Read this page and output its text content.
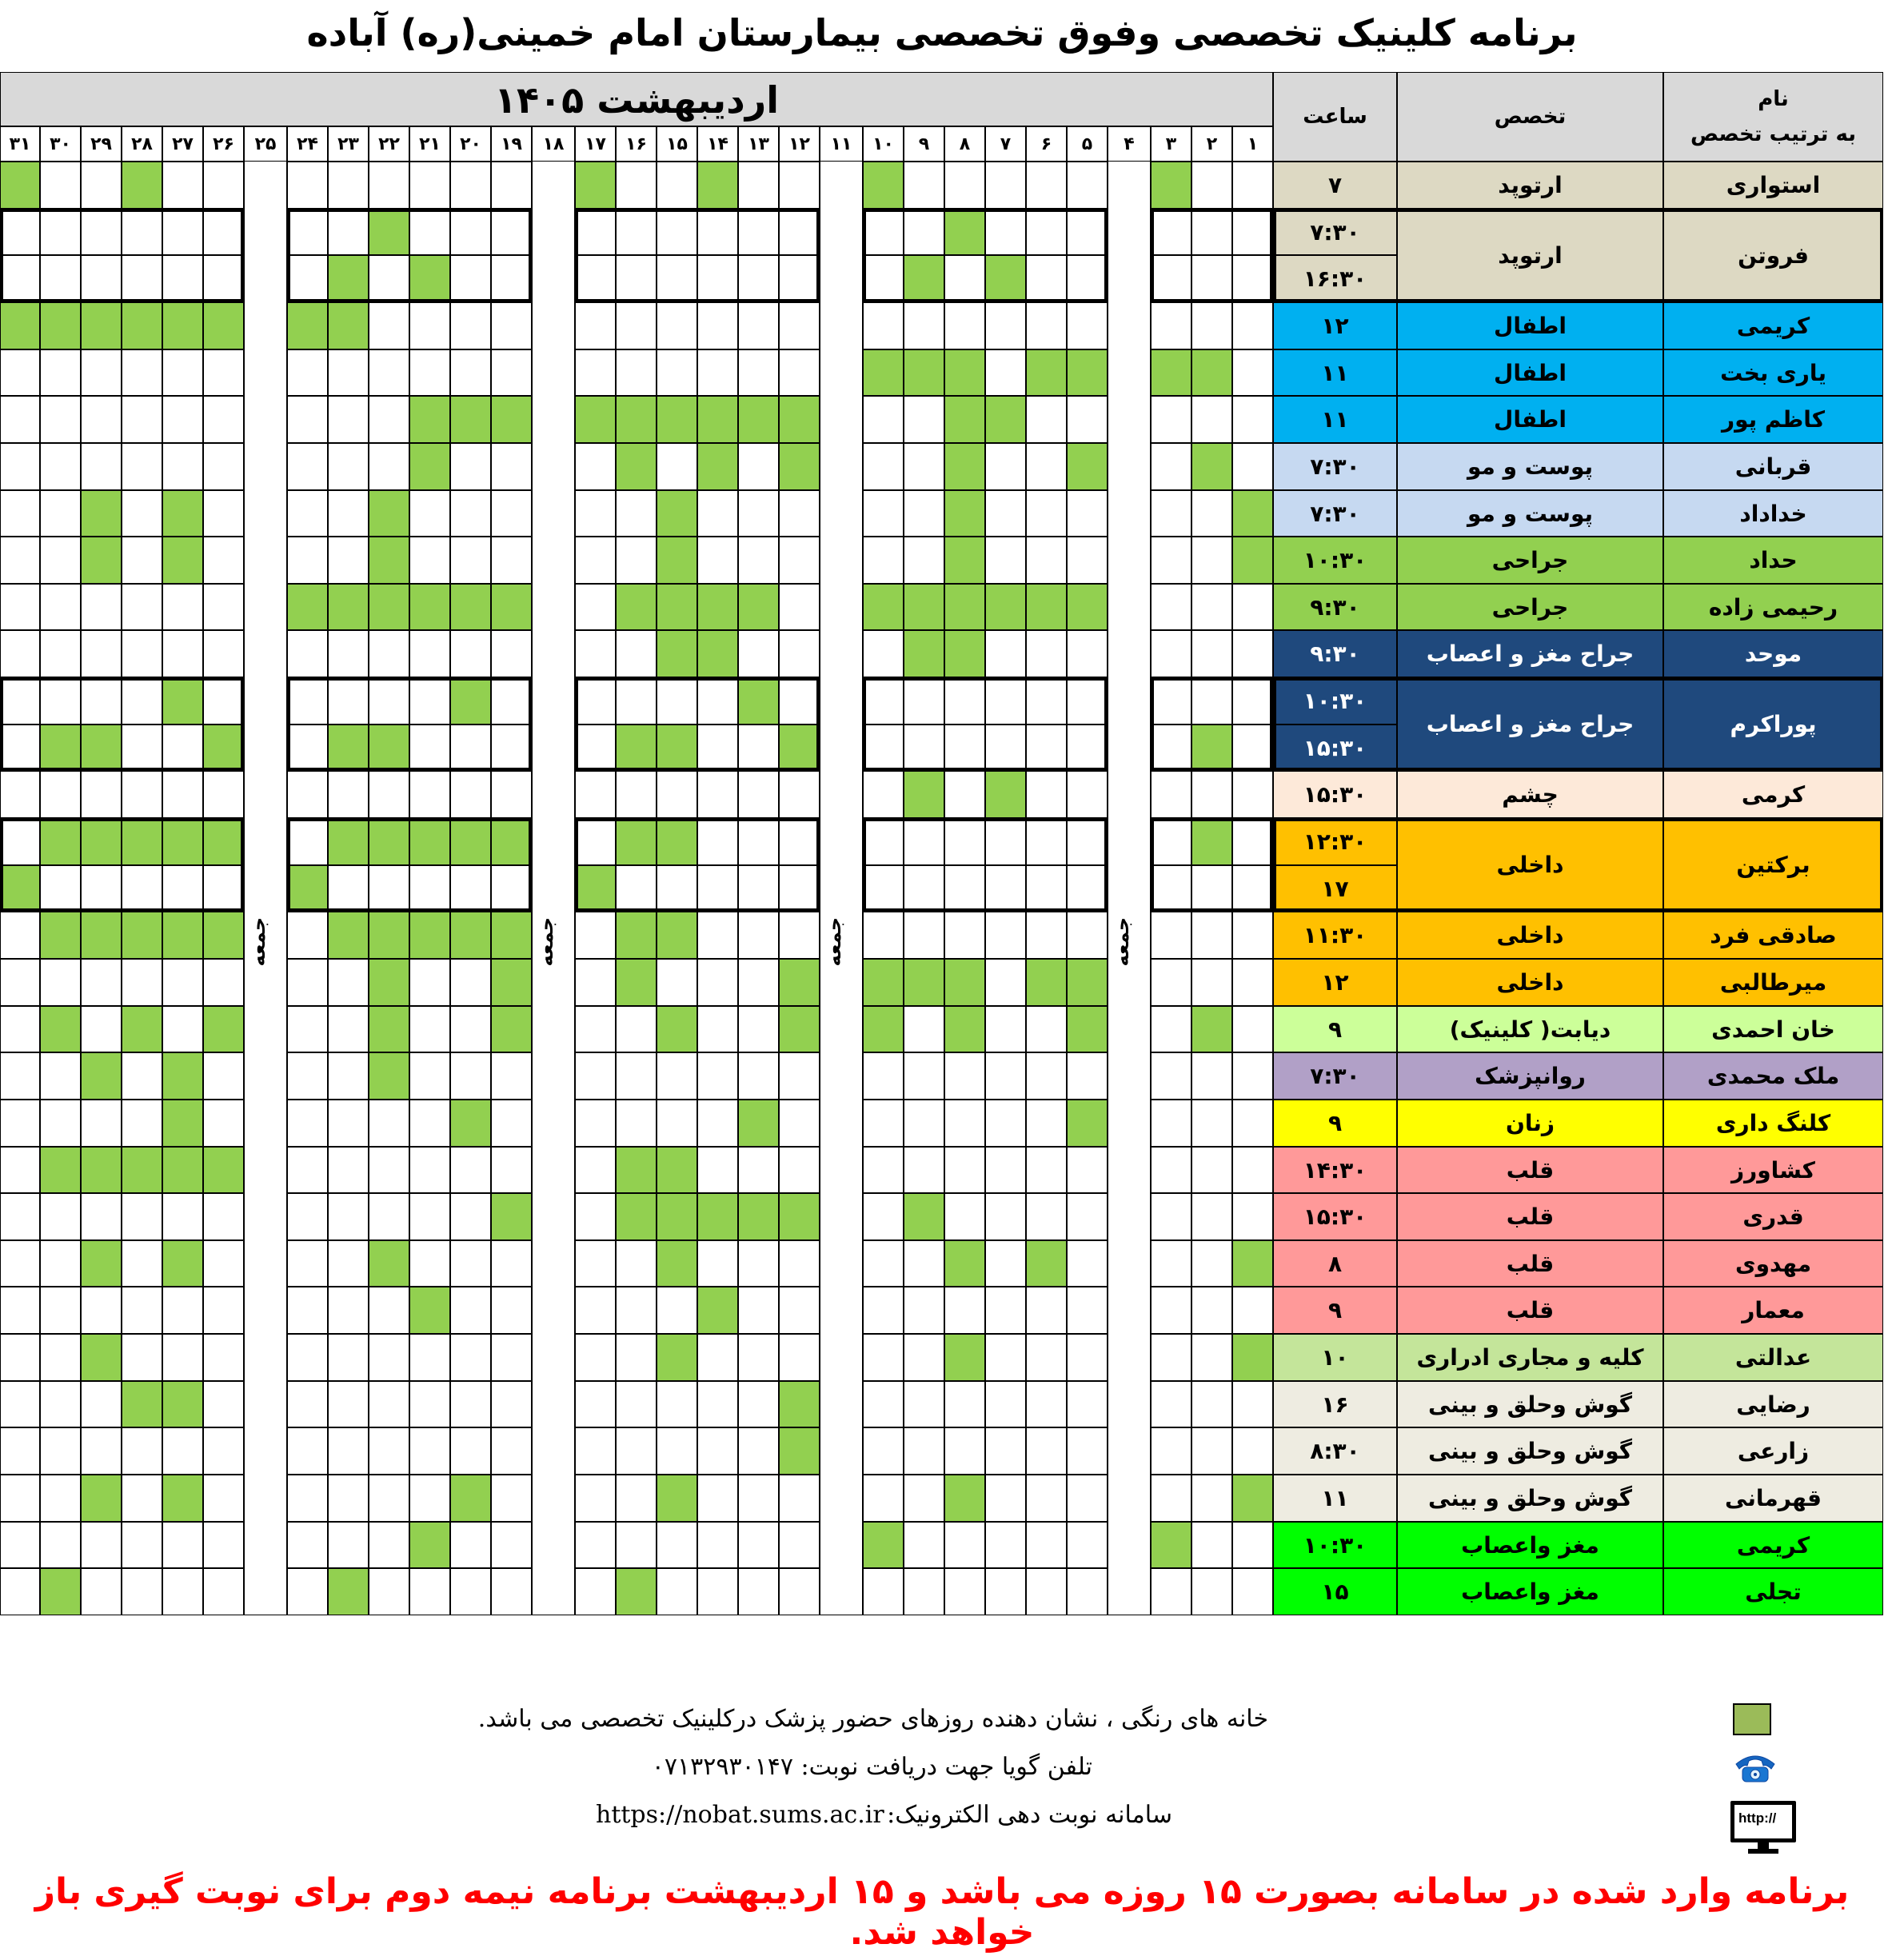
برنامه کلینیک تخصصی وفوق تخصصی بیمارستان امام خمینی(ره) آباده
اردیبهشت ۱۴۰۵
۱
۲
۳
۴
۵
۶
۷
۸
۹
۱۰
۱۱
۱۲
۱۳
۱۴
۱۵
۱۶
۱۷
۱۸
۱۹
۲۰
۲۱
۲۲
۲۳
۲۴
۲۵
۲۶
۲۷
۲۸
۲۹
۳۰
۳۱
ساعت	تخصص
نام
به ترتیب تخصص
استواری
ارتوپد
۷
فروتن
ارتوپد
۷:۳۰
۱۶:۳۰
کریمی
اطفال
۱۲
یاری بخت
اطفال
۱۱
کاظم پور
اطفال
۱۱
قربانی
پوست و مو
۷:۳۰
خداداد
پوست و مو
۷:۳۰
حداد
جراحی
۱۰:۳۰
رحیمی زاده
جراحی
۹:۳۰
موحد
جراح مغز و اعصاب
۹:۳۰
پوراکرم
جراح مغز و اعصاب
۱۰:۳۰
۱۵:۳۰
کرمی
چشم
۱۵:۳۰
برکتین
داخلی
۱۲:۳۰
۱۷
صادقی فرد
داخلی
۱۱:۳۰
میرطالبی
داخلی
۱۲
خان احمدی
دیابت( کلینیک)
۹
ملک محمدی
روانپزشک
۷:۳۰
کلنگ داری
زنان
۹
کشاورز
قلب
۱۴:۳۰
قدری
قلب
۱۵:۳۰
مهدوی
قلب
۸
معمار
قلب
۹
عدالتی
کلیه و مجاری ادراری
۱۰
رضایی
گوش وحلق و بینی
۱۶
زارعی
گوش وحلق و بینی
۸:۳۰
قهرمانی
گوش وحلق و بینی
۱۱
کریمی
مغز واعصاب
۱۰:۳۰
تجلی
مغز واعصاب
۱۵
جمعه
جمعه
جمعه
جمعه
خانه های رنگی ، نشان دهنده روزهای حضور پزشک درکلینیک تخصصی می باشد.
تلفن گویا جهت دریافت نوبت: ۰۷۱۳۲۹۳۰۱۴۷
http://
سامانه نوبت دهی الکترونیک:
https://nobat.sums.ac.ir
برنامه وارد شده در سامانه بصورت ۱۵ روزه می باشد و ۱۵ اردیبهشت برنامه نیمه دوم برای نوبت گیری باز خواهد شد.
